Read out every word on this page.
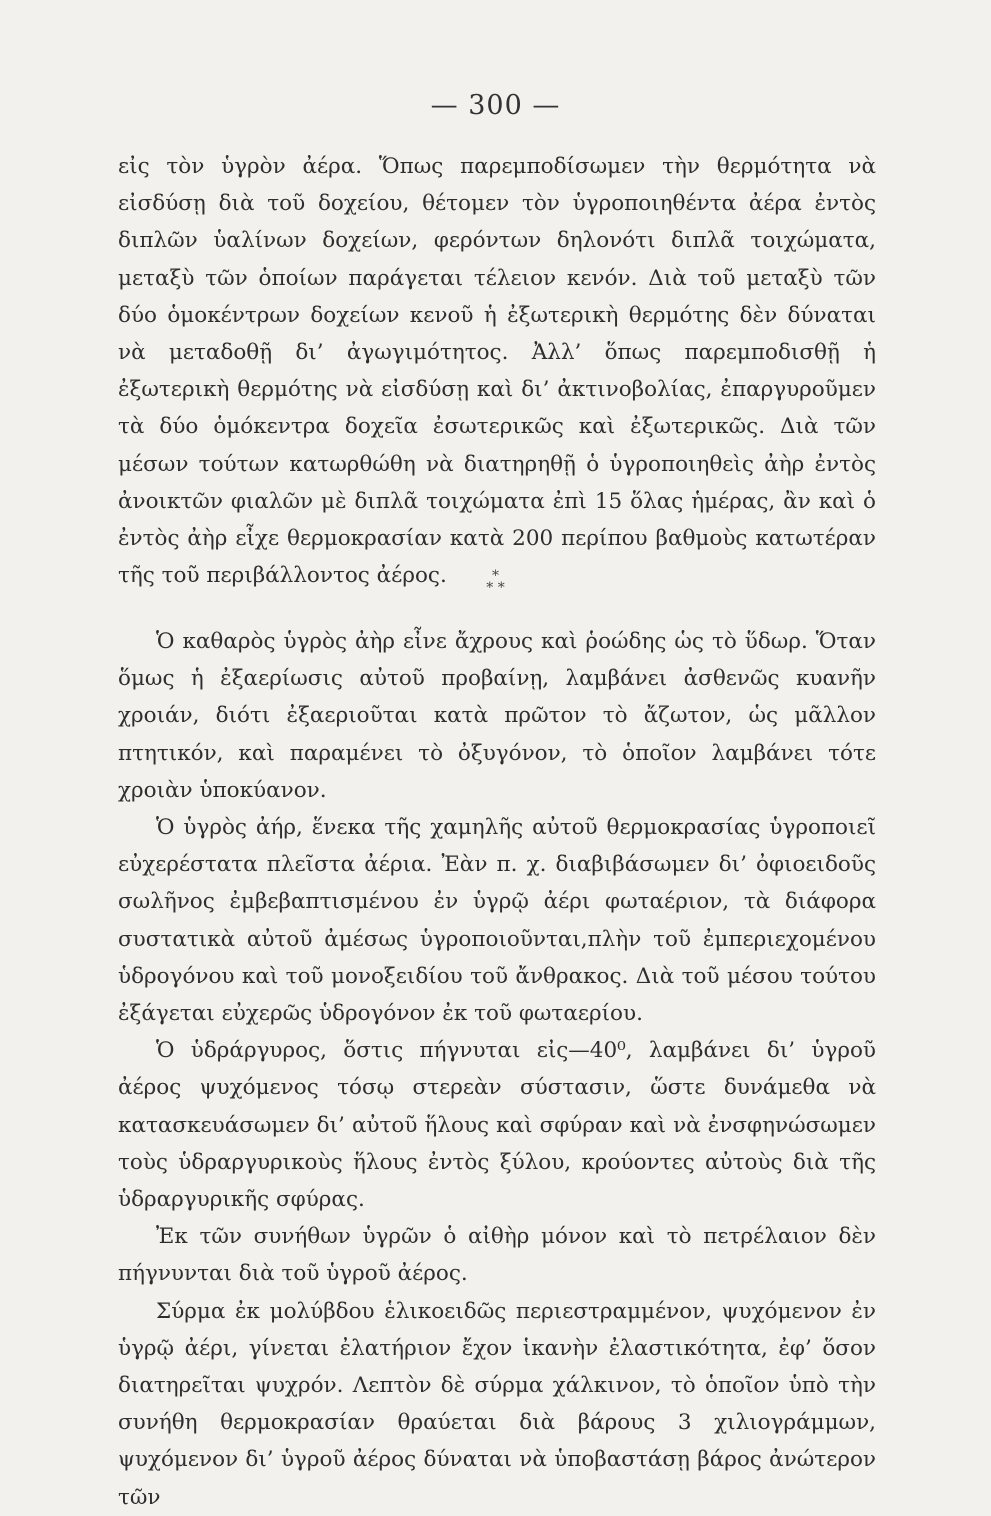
— 300 —

εἰς τὸν ὑγρὸν ἀέρα. Ὅπως παρεμποδίσωμεν τὴν θερμότητα νὰ εἰσδύσῃ διὰ τοῦ δοχείου, θέτομεν τὸν ὑγροποιηθέντα ἀέρα ἐντὸς διπλῶν ὑαλίνων δοχείων, φερόντων δηλονότι διπλᾶ τοιχώματα, μεταξὺ τῶν ὁποίων παράγεται τέλειον κενόν. Διὰ τοῦ μεταξὺ τῶν δύο ὁμοκέντρων δοχείων κενοῦ ἡ ἐξωτερικὴ θερμότης δὲν δύναται νὰ μεταδοθῇ δι’ ἀγωγιμότητος. Ἀλλ’ ὅπως παρεμποδισθῇ ἡ ἐξωτερικὴ θερμότης νὰ εἰσδύσῃ καὶ δι’ ἀκτινοβολίας, ἐπαργυροῦμεν τὰ δύο ὁμόκεντρα δοχεῖα ἐσωτερικῶς καὶ ἐξωτερικῶς. Διὰ τῶν μέσων τούτων κατωρθώθη νὰ διατηρηθῇ ὁ ὑγροποιηθεὶς ἀὴρ ἐντὸς ἀνοικτῶν φιαλῶν μὲ διπλᾶ τοιχώματα ἐπὶ 15 ὅλας ἡμέρας, ἂν καὶ ὁ ἐντὸς ἀὴρ εἶχε θερμοκρασίαν κατὰ 200 περίπου βαθμοὺς κατωτέραν τῆς τοῦ περιβάλλοντος ἀέρος.	*
* *

Ὁ καθαρὸς ὑγρὸς ἀὴρ εἶνε ἄχρους καὶ ῥοώδης ὡς τὸ ὕδωρ. Ὅταν ὅμως ἡ ἐξαερίωσις αὐτοῦ προβαίνῃ, λαμβάνει ἀσθενῶς κυανῆν χροιάν, διότι ἐξαεριοῦται κατὰ πρῶτον τὸ ἄζωτον, ὡς μᾶλλον πτητικόν, καὶ παραμένει τὸ ὀξυγόνον, τὸ ὁποῖον λαμβάνει τότε χροιὰν ὑποκύανον.

Ὁ ὑγρὸς ἀήρ, ἕνεκα τῆς χαμηλῆς αὐτοῦ θερμοκρασίας ὑγροποιεῖ εὐχερέστατα πλεῖστα ἀέρια. Ἐὰν π. χ. διαβιβάσωμεν δι’ ὀφιοειδοῦς σωλῆνος ἐμβεβαπτισμένου ἐν ὑγρῷ ἀέρι φωταέριον, τὰ διάφορα συστατικὰ αὐτοῦ ἀμέσως ὑγροποιοῦνται,πλὴν τοῦ ἐμπεριεχομένου ὑδρογόνου καὶ τοῦ μονοξειδίου τοῦ ἄνθρακος. Διὰ τοῦ μέσου τούτου ἐξάγεται εὐχερῶς ὑδρογόνον ἐκ τοῦ φωταερίου.

Ὁ ὑδράργυρος, ὅστις πήγνυται εἰς—40⁰, λαμβάνει δι’ ὑγροῦ ἀέρος ψυχόμενος τόσῳ στερεὰν σύστασιν, ὥστε δυνάμεθα νὰ κατασκευάσωμεν δι’ αὐτοῦ ἥλους καὶ σφύραν καὶ νὰ ἐνσφηνώσωμεν τοὺς ὑδραργυρικοὺς ἥλους ἐντὸς ξύλου, κρούοντες αὐτοὺς διὰ τῆς ὑδραργυρικῆς σφύρας.

Ἐκ τῶν συνήθων ὑγρῶν ὁ αἰθὴρ μόνον καὶ τὸ πετρέλαιον δὲν πήγνυνται διὰ τοῦ ὑγροῦ ἀέρος.

Σύρμα ἐκ μολύβδου ἑλικοειδῶς περιεστραμμένον, ψυχόμενον ἐν ὑγρῷ ἀέρι, γίνεται ἐλατήριον ἔχον ἱκανὴν ἐλαστικότητα, ἐφ’ ὅσον διατηρεῖται ψυχρόν. Λεπτὸν δὲ σύρμα χάλκινον, τὸ ὁποῖον ὑπὸ τὴν συνήθη θερμοκρασίαν θραύεται διὰ βάρους 3 χιλιογράμμων, ψυχόμενον δι’ ὑγροῦ ἀέρος δύναται νὰ ὑποβαστάσῃ βάρος ἀνώτερον τῶν
